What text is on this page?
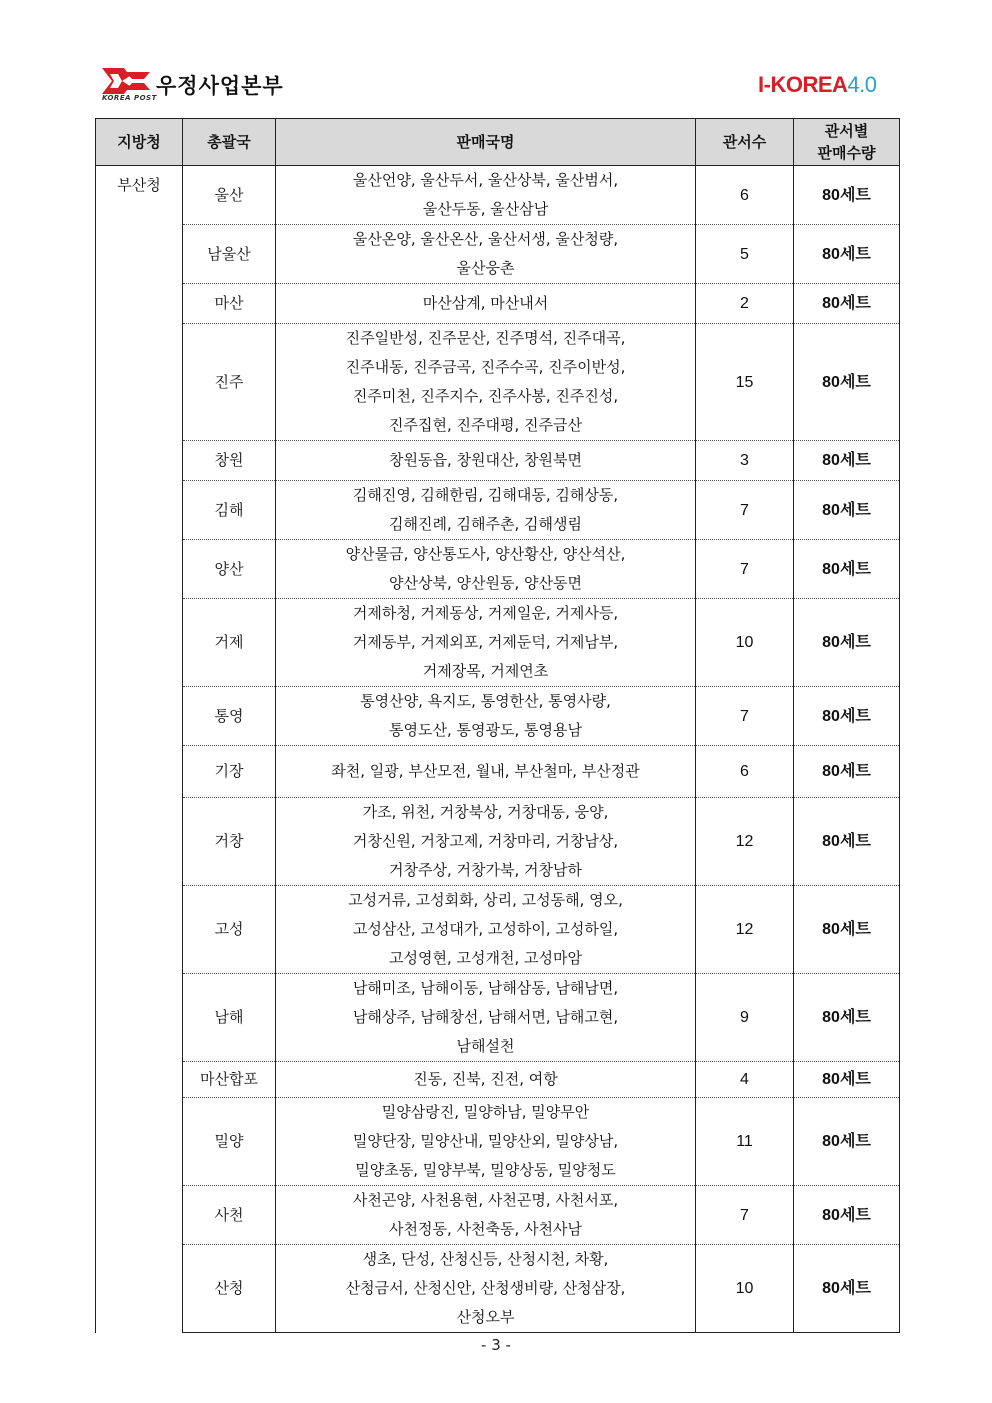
우정사업본부
KOREA POST
I-KOREA4.0
지방청	총괄국	판매국명	관서수	관서별
판매수량
부산청	울산	울산언양, 울산두서, 울산상북, 울산범서,
울산두동, 울산삼남	6	80세트
	남울산	울산온양, 울산온산, 울산서생, 울산청량,
울산웅촌	5	80세트
	마산	마산삼계, 마산내서	2	80세트
	진주	진주일반성, 진주문산, 진주명석, 진주대곡,
진주내동, 진주금곡, 진주수곡, 진주이반성,
진주미천, 진주지수, 진주사봉, 진주진성,
진주집현, 진주대평, 진주금산	15	80세트
	창원	창원동읍, 창원대산, 창원북면	3	80세트
	김해	김해진영, 김해한림, 김해대동, 김해상동,
김해진례, 김해주촌, 김해생림	7	80세트
	양산	양산물금, 양산통도사, 양산황산, 양산석산,
양산상북, 양산원동, 양산동면	7	80세트
	거제	거제하청, 거제동상, 거제일운, 거제사등,
거제동부, 거제외포, 거제둔덕, 거제남부,
거제장목, 거제연초	10	80세트
	통영	통영산양, 욕지도, 통영한산, 통영사량,
통영도산, 통영광도, 통영용남	7	80세트
	기장	좌천, 일광, 부산모전, 월내, 부산철마, 부산정관	6	80세트
	거창	가조, 위천, 거창북상, 거창대동, 웅양,
거창신원, 거창고제, 거창마리, 거창남상,
거창주상, 거창가북, 거창남하	12	80세트
	고성	고성거류, 고성회화, 상리, 고성동해, 영오,
고성삼산, 고성대가, 고성하이, 고성하일,
고성영현, 고성개천, 고성마암	12	80세트
	남해	남해미조, 남해이동, 남해삼동, 남해남면,
남해상주, 남해창선, 남해서면, 남해고현,
남해설천	9	80세트
	마산합포	진동, 진북, 진전, 여항	4	80세트
	밀양	밀양삼랑진, 밀양하남, 밀양무안
밀양단장, 밀양산내, 밀양산외, 밀양상남,
밀양초동, 밀양부북, 밀양상동, 밀양청도	11	80세트
	사천	사천곤양, 사천용현, 사천곤명, 사천서포,
사천정동, 사천축동, 사천사남	7	80세트
	산청	생초, 단성, 산청신등, 산청시천, 차황,
산청금서, 산청신안, 산청생비량, 산청삼장,
산청오부	10	80세트
- 3 -
